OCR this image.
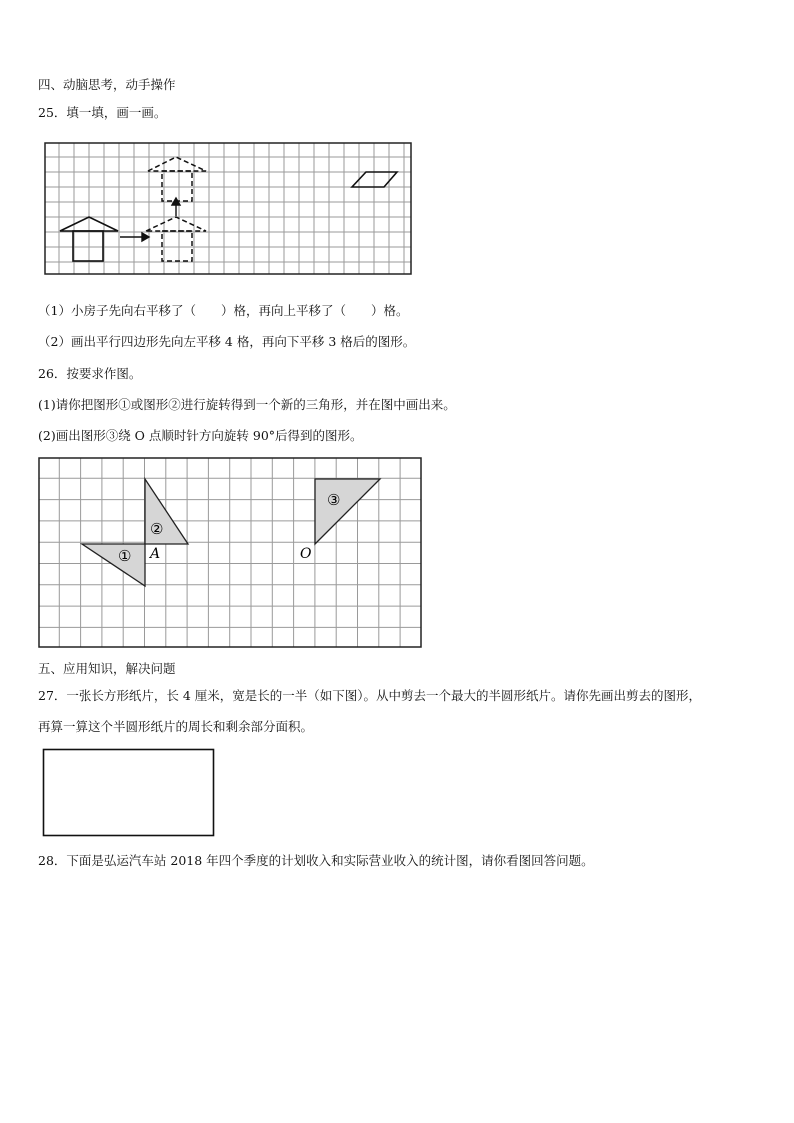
四、动脑思考，动手操作
25．填一填，画一画。
（1）小房子先向右平移了（　　）格，再向上平移了（　　）格。
（2）画出平行四边形先向左平移 4 格，再向下平移 3 格后的图形。
26．按要求作图。
(1)请你把图形①或图形②进行旋转得到一个新的三角形，并在图中画出来。
(2)画出图形③绕 O 点顺时针方向旋转 90°后得到的图形。
①
②
③
A	O
五、应用知识，解决问题
27．一张长方形纸片，长 4 厘米，宽是长的一半（如下图）。从中剪去一个最大的半圆形纸片。请你先画出剪去的图形，
再算一算这个半圆形纸片的周长和剩余部分面积。
28．下面是弘运汽车站 2018 年四个季度的计划收入和实际营业收入的统计图，请你看图回答问题。
